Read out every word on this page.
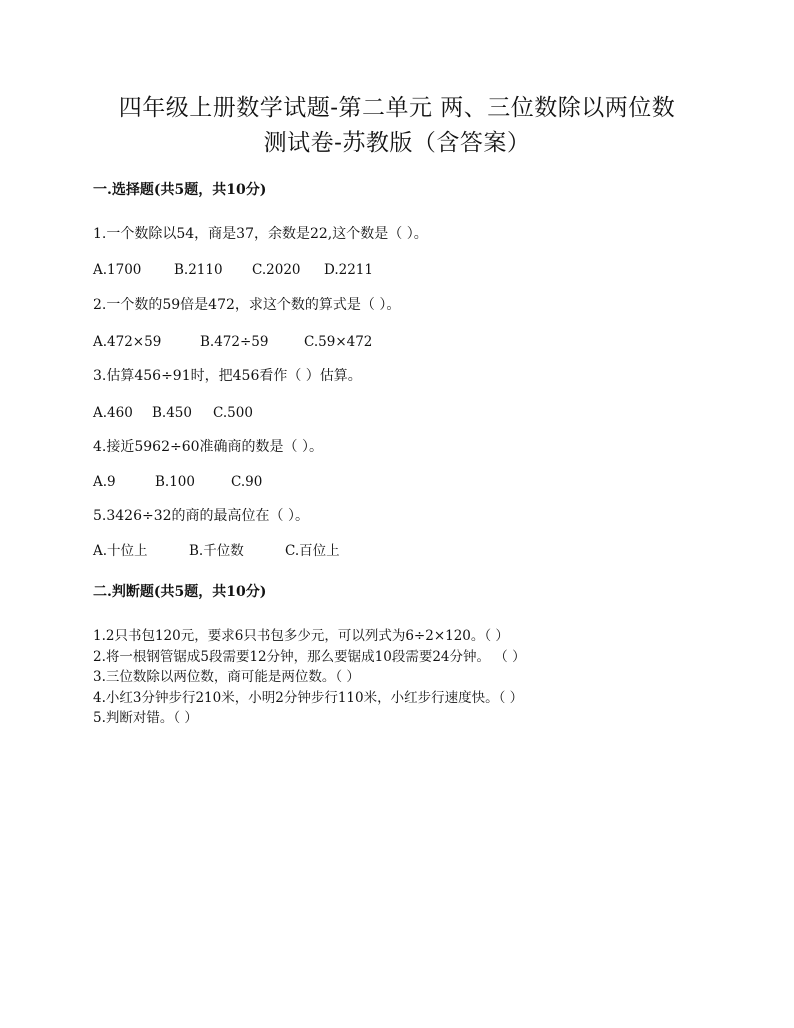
四年级上册数学试题-第二单元 两、三位数除以两位数
测试卷-苏教版（含答案）
一.选择题(共5题，共10分)
1.一个数除以54，商是37，余数是22,这个数是（ ）。
A.1700 B.2110 C.2020 D.2211
2.一个数的59倍是472，求这个数的算式是（ ）。
A.472×59	B.472÷59	C.59×472
3.估算456÷91时，把456看作（ ）估算。
A.460 B.450 C.500
4.接近5962÷60准确商的数是（ ）。
A.9	B.100	C.90
5.3426÷32的商的最高位在（ ）。
A.十位上	B.千位数	C.百位上
二.判断题(共5题，共10分)
1.2只书包120元，要求6只书包多少元，可以列式为6÷2×120。（ ）
2.将一根钢管锯成5段需要12分钟，那么要锯成10段需要24分钟。 （ ）
3.三位数除以两位数，商可能是两位数。（ ）
4.小红3分钟步行210米，小明2分钟步行110米，小红步行速度快。（ ）
5.判断对错。（ ）
